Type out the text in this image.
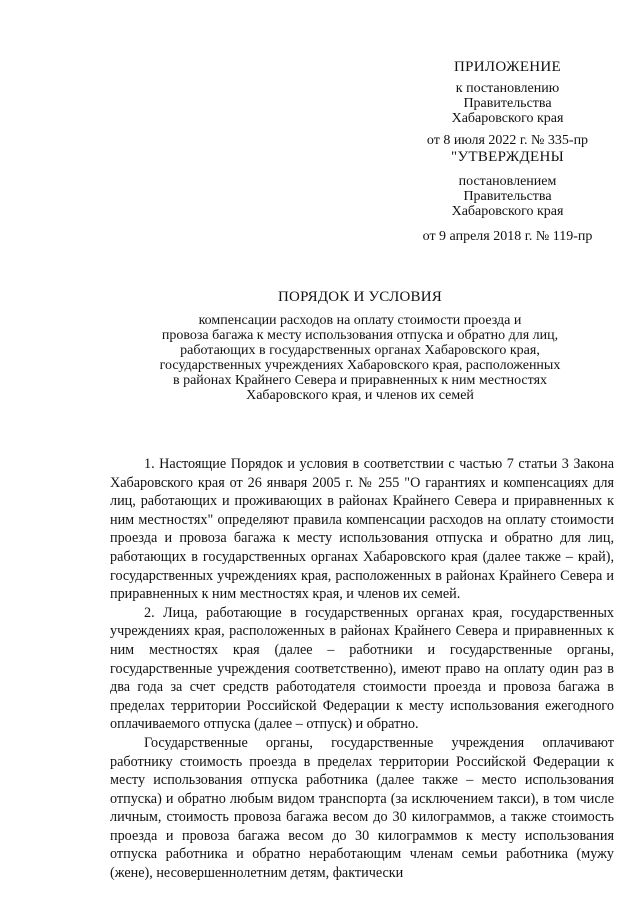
ПРИЛОЖЕНИЕ
к постановлению
Правительства
Хабаровского края
от 8 июля 2022 г. № 335-пр
"УТВЕРЖДЕНЫ
постановлением
Правительства
Хабаровского края
от 9 апреля 2018 г. № 119-пр
ПОРЯДОК И УСЛОВИЯ
компенсации расходов на оплату стоимости проезда и
провоза багажа к месту использования отпуска и обратно для лиц,
работающих в государственных органах Хабаровского края,
государственных учреждениях Хабаровского края, расположенных
в районах Крайнего Севера и приравненных к ним местностях
Хабаровского края, и членов их семей

1. Настоящие Порядок и условия в соответствии с частью 7 статьи 3 Закона Хабаровского края от 26 января 2005 г. № 255 "О гарантиях и компенсациях для лиц, работающих и проживающих в районах Крайнего Севера и приравненных к ним местностях" определяют правила компенсации расходов на оплату стоимости проезда и провоза багажа к месту использования отпуска и обратно для лиц, работающих в государственных органах Хабаровского края (далее также – край), государственных учреждениях края, расположенных в районах Крайнего Севера и приравненных к ним местностях края, и членов их семей.

2. Лица, работающие в государственных органах края, государственных учреждениях края, расположенных в районах Крайнего Севера и приравненных к ним местностях края (далее – работники и государственные органы, государственные учреждения соответственно), имеют право на оплату один раз в два года за счет средств работодателя стоимости проезда и провоза багажа в пределах территории Российской Федерации к месту использования ежегодного оплачиваемого отпуска (далее – отпуск) и обратно.

Государственные органы, государственные учреждения оплачивают работнику стоимость проезда в пределах территории Российской Федерации к месту использования отпуска работника (далее также – место использования отпуска) и обратно любым видом транспорта (за исключением такси), в том числе личным, стоимость провоза багажа весом до 30 килограммов, а также стоимость проезда и провоза багажа весом до 30 килограммов к месту использования отпуска работника и обратно неработающим членам семьи работника (мужу (жене), несовершеннолетним детям, фактически
